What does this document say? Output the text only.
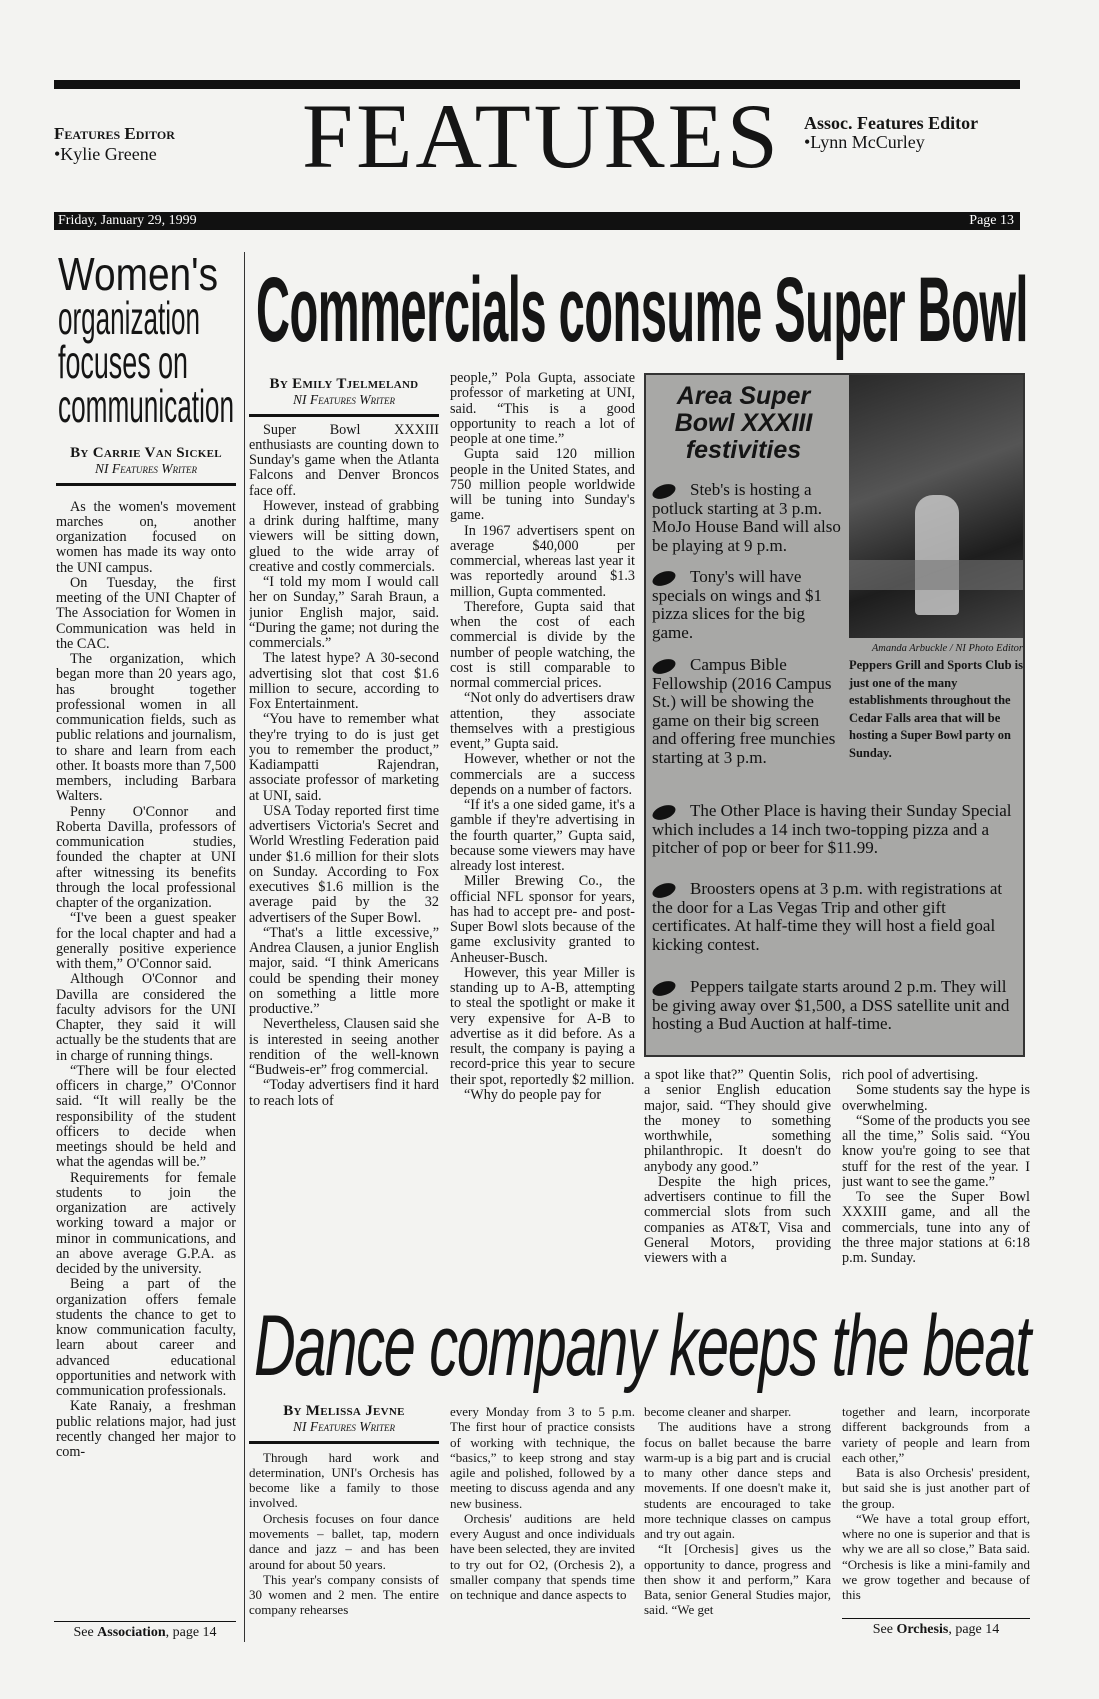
Features Editor
•Kylie Greene FEATURES Assoc. Features Editor
•Lynn McCurley
Friday, January 29, 1999	Page 13
Women's
organization
focuses on
communication
By Carrie Van Sickel
NI Features Writer

As the women's movement marches on, another organization focused on women has made its way onto the UNI campus.

On Tuesday, the first meeting of the UNI Chapter of The Association for Women in Communication was held in the CAC.

The organization, which began more than 20 years ago, has brought together professional women in all communication fields, such as public relations and journalism, to share and learn from each other. It boasts more than 7,500 members, including Barbara Walters.

Penny O'Connor and Roberta Davilla, professors of communication studies, founded the chapter at UNI after witnessing its benefits through the local professional chapter of the organization.

“I've been a guest speaker for the local chapter and had a generally positive experience with them,” O'Connor said.

Although O'Connor and Davilla are considered the faculty advisors for the UNI Chapter, they said it will actually be the students that are in charge of running things.

“There will be four elected officers in charge,” O'Connor said. “It will really be the responsibility of the student officers to decide when meetings should be held and what the agendas will be.”

Requirements for female students to join the organization are actively working toward a major or minor in communications, and an above average G.P.A. as decided by the university.

Being a part of the organization offers female students the chance to get to know communication faculty, learn about career and advanced educational opportunities and network with communication professionals.

Kate Ranaiy, a freshman public relations major, had just recently changed her major to com-

See Association, page 14
Commercials consume Super Bowl
By Emily Tjelmeland
NI Features Writer

Super Bowl XXXIII enthusiasts are counting down to Sunday's game when the Atlanta Falcons and Denver Broncos face off.

However, instead of grabbing a drink during halftime, many viewers will be sitting down, glued to the wide array of creative and costly commercials.

“I told my mom I would call her on Sunday,” Sarah Braun, a junior English major, said. “During the game; not during the commercials.”

The latest hype? A 30-second advertising slot that cost $1.6 million to secure, according to Fox Entertainment.

“You have to remember what they're trying to do is just get you to remember the product,” Kadiampatti Rajendran, associate professor of marketing at UNI, said.

USA Today reported first time advertisers Victoria's Secret and World Wrestling Federation paid under $1.6 million for their slots on Sunday. According to Fox executives $1.6 million is the average paid by the 32 advertisers of the Super Bowl.

“That's a little excessive,” Andrea Clausen, a junior English major, said. “I think Americans could be spending their money on something a little more productive.”

Nevertheless, Clausen said she is interested in seeing another rendition of the well-known “Budweis-er” frog commercial.

“Today advertisers find it hard to reach lots of

people,” Pola Gupta, associate professor of marketing at UNI, said. “This is a good opportunity to reach a lot of people at one time.”

Gupta said 120 million people in the United States, and 750 million people worldwide will be tuning into Sunday's game.

In 1967 advertisers spent on average $40,000 per commercial, whereas last year it was reportedly around $1.3 million, Gupta commented.

Therefore, Gupta said that when the cost of each commercial is divide by the number of people watching, the cost is still comparable to normal commercial prices.

“Not only do advertisers draw attention, they associate themselves with a prestigious event,” Gupta said.

However, whether or not the commercials are a success depends on a number of factors.

“If it's a one sided game, it's a gamble if they're advertising in the fourth quarter,” Gupta said, because some viewers may have already lost interest.

Miller Brewing Co., the official NFL sponsor for years, has had to accept pre- and post- Super Bowl slots because of the game exclusivity granted to Anheuser-Busch.

However, this year Miller is standing up to A-B, attempting to steal the spotlight or make it very expensive for A-B to advertise as it did before. As a result, the company is paying a record-price this year to secure their spot, reportedly $2 million.

“Why do people pay for

a spot like that?” Quentin Solis, a senior English education major, said. “They should give the money to something worthwhile, something philanthropic. It doesn't do anybody any good.”

Despite the high prices, advertisers continue to fill the commercial slots from such companies as AT&T, Visa and General Motors, providing viewers with a

rich pool of advertising.

Some students say the hype is overwhelming.

“Some of the products you see all the time,” Solis said. “You know you're going to see that stuff for the rest of the year. I just want to see the game.”

To see the Super Bowl XXXIII game, and all the commercials, tune into any of the three major stations at 6:18 p.m. Sunday.

Area Super
Bowl XXXIII
festivities
Amanda Arbuckle / NI Photo Editor
Peppers Grill and Sports Club is just one of the many establishments throughout the Cedar Falls area that will be hosting a Super Bowl party on Sunday.
Steb's is hosting a potluck starting at 3 p.m. MoJo House Band will also be playing at 9 p.m.
Tony's will have specials on wings and $1 pizza slices for the big game.
Campus Bible Fellowship (2016 Campus St.) will be showing the game on their big screen and offering free munchies starting at 3 p.m.
The Other Place is having their Sunday Special which includes a 14 inch two-topping pizza and a pitcher of pop or beer for $11.99.
Broosters opens at 3 p.m. with registrations at the door for a Las Vegas Trip and other gift certificates. At half-time they will host a field goal kicking contest.
Peppers tailgate starts around 2 p.m. They will be giving away over $1,500, a DSS satellite unit and hosting a Bud Auction at half-time.
Dance company keeps the beat
By Melissa Jevne
NI Features Writer

Through hard work and determination, UNI's Orchesis has become like a family to those involved.

Orchesis focuses on four dance movements – ballet, tap, modern dance and jazz – and has been around for about 50 years.

This year's company consists of 30 women and 2 men. The entire company rehearses

every Monday from 3 to 5 p.m. The first hour of practice consists of working with technique, the “basics,” to keep strong and stay agile and polished, followed by a meeting to discuss agenda and any new business.

Orchesis' auditions are held every August and once individuals have been selected, they are invited to try out for O2, (Orchesis 2), a smaller company that spends time on technique and dance aspects to

become cleaner and sharper.

The auditions have a strong focus on ballet because the barre warm-up is a big part and is crucial to many other dance steps and movements. If one doesn't make it, students are encouraged to take more technique classes on campus and try out again.

“It [Orchesis] gives us the opportunity to dance, progress and then show it and perform,” Kara Bata, senior General Studies major, said. “We get

together and learn, incorporate different backgrounds from a variety of people and learn from each other,”

Bata is also Orchesis' president, but said she is just another part of the group.

“We have a total group effort, where no one is superior and that is why we are all so close,” Bata said. “Orchesis is like a mini-family and we grow together and because of this

See Orchesis, page 14
